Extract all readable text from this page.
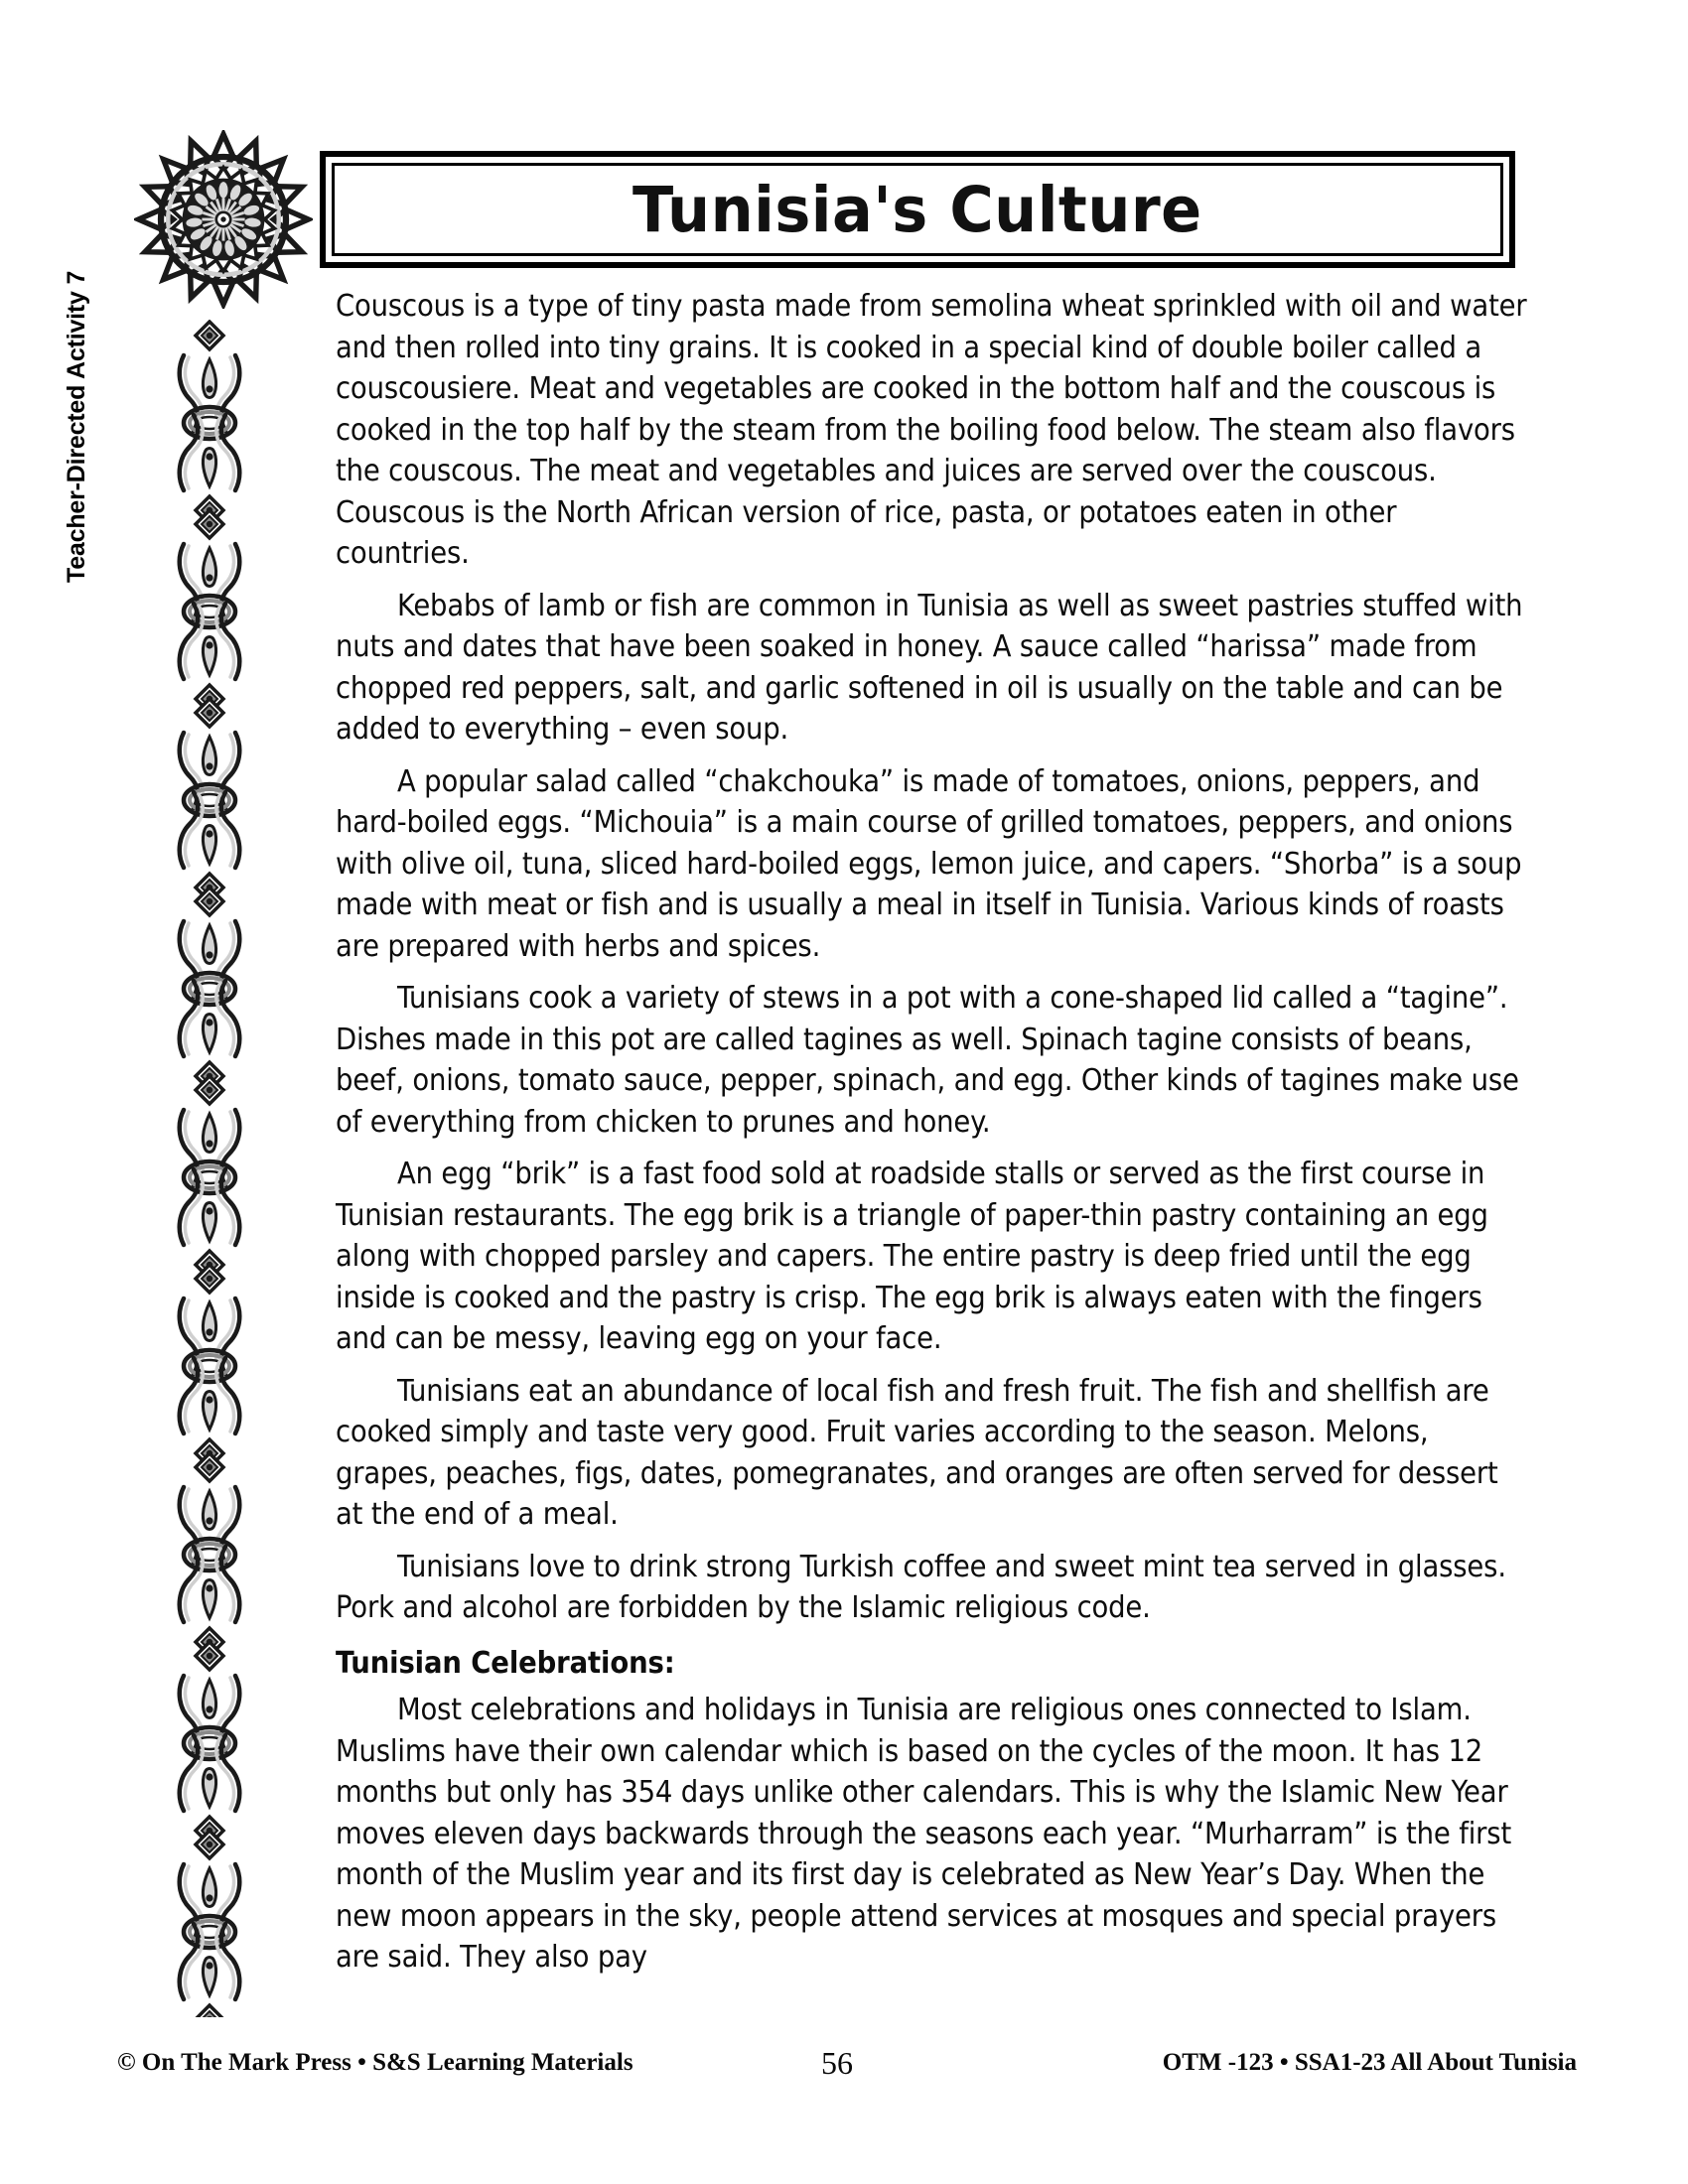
Tunisia's Culture
Teacher-Directed Activity 7	Couscous is a type of tiny pasta made from semolina wheat sprinkled with oil and water and then rolled into tiny grains. It is cooked in a special kind of double boiler called a couscousiere. Meat and vegetables are cooked in the bottom half and the couscous is cooked in the top half by the steam from the boiling food below. The steam also flavors the couscous. The meat and vegetables and juices are served over the couscous. Couscous is the North African version of rice, pasta, or potatoes eaten in other countries.

Kebabs of lamb or fish are common in Tunisia as well as sweet pastries stuffed with nuts and dates that have been soaked in honey. A sauce called “harissa” made from chopped red peppers, salt, and garlic softened in oil is usually on the table and can be added to everything – even soup.

A popular salad called “chakchouka” is made of tomatoes, onions, peppers, and hard-boiled eggs. “Michouia” is a main course of grilled tomatoes, peppers, and onions with olive oil, tuna, sliced hard-boiled eggs, lemon juice, and capers. “Shorba” is a soup made with meat or fish and is usually a meal in itself in Tunisia. Various kinds of roasts are prepared with herbs and spices.

Tunisians cook a variety of stews in a pot with a cone-shaped lid called a “tagine”. Dishes made in this pot are called tagines as well. Spinach tagine consists of beans, beef, onions, tomato sauce, pepper, spinach, and egg. Other kinds of tagines make use of everything from chicken to prunes and honey.

An egg “brik” is a fast food sold at roadside stalls or served as the first course in Tunisian restaurants. The egg brik is a triangle of paper-thin pastry containing an egg along with chopped parsley and capers. The entire pastry is deep fried until the egg inside is cooked and the pastry is crisp. The egg brik is always eaten with the fingers and can be messy, leaving egg on your face.

Tunisians eat an abundance of local fish and fresh fruit. The fish and shellfish are cooked simply and taste very good. Fruit varies according to the season. Melons, grapes, peaches, figs, dates, pomegranates, and oranges are often served for dessert at the end of a meal.

Tunisians love to drink strong Turkish coffee and sweet mint tea served in glasses. Pork and alcohol are forbidden by the Islamic religious code.

Tunisian Celebrations:

Most celebrations and holidays in Tunisia are religious ones connected to Islam. Muslims have their own calendar which is based on the cycles of the moon. It has 12 months but only has 354 days unlike other calendars. This is why the Islamic New Year moves eleven days backwards through the seasons each year. “Murharram” is the first month of the Muslim year and its first day is celebrated as New Year’s Day. When the new moon appears in the sky, people attend services at mosques and special prayers are said. They also pay

© On The Mark Press • S&S Learning Materials	56	OTM -123 • SSA1-23 All About Tunisia
